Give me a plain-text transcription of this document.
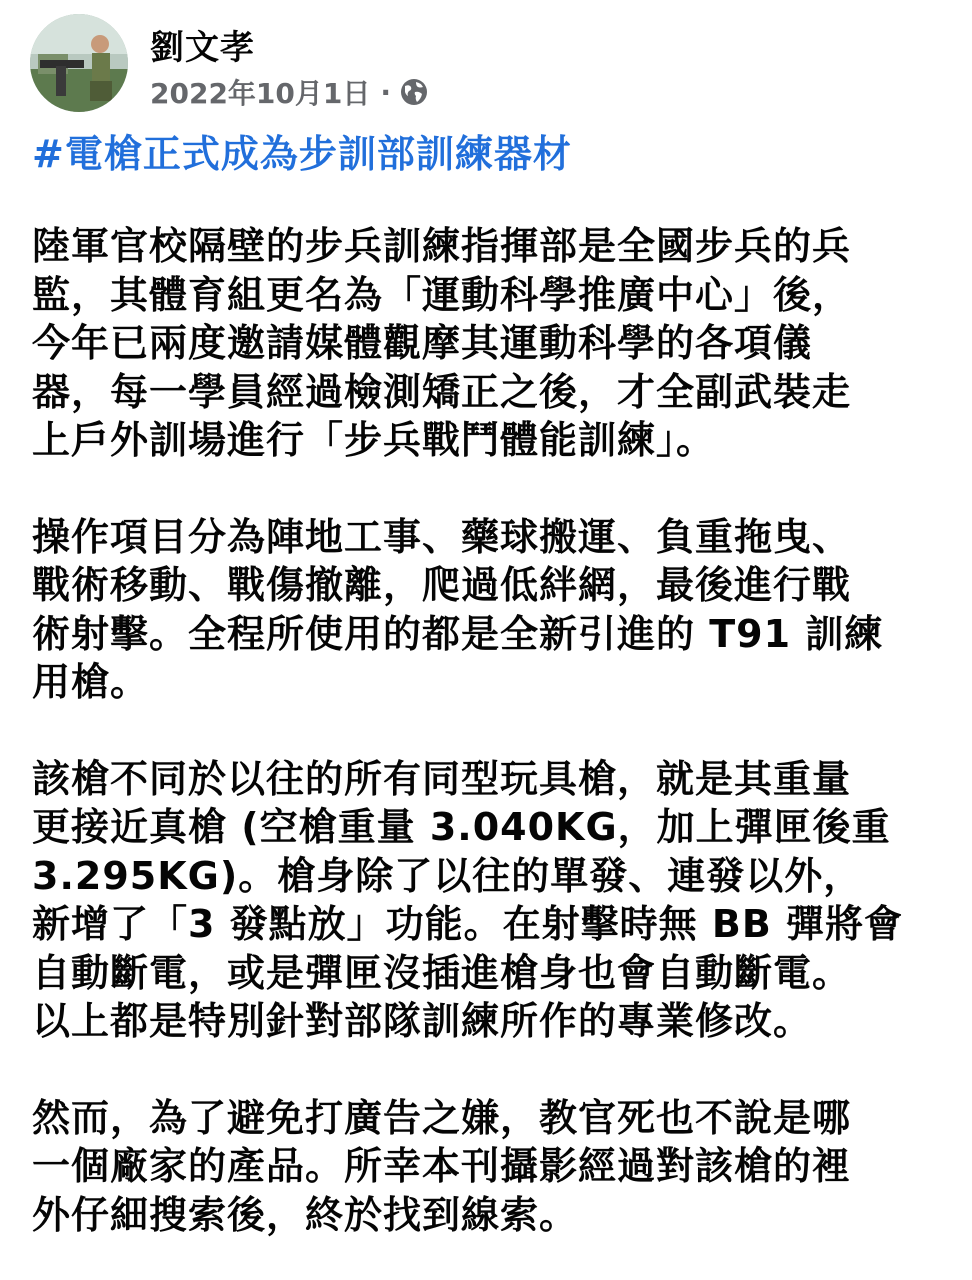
劉文孝
2022年10月1日 ·
#電槍正式成為步訓部訓練器材

陸軍官校隔壁的步兵訓練指揮部是全國步兵的兵
監，其體育組更名為「運動科學推廣中心」後，
今年已兩度邀請媒體觀摩其運動科學的各項儀
器，每一學員經過檢測矯正之後，才全副武裝走
上戶外訓場進行「步兵戰鬥體能訓練」。

操作項目分為陣地工事、藥球搬運、負重拖曳、
戰術移動、戰傷撤離，爬過低絆網，最後進行戰
術射擊。全程所使用的都是全新引進的 T91 訓練
用槍。

該槍不同於以往的所有同型玩具槍，就是其重量
更接近真槍 (空槍重量 3.040KG，加上彈匣後重
3.295KG)。槍身除了以往的單發、連發以外，
新增了「3 發點放」功能。在射擊時無 BB 彈將會
自動斷電，或是彈匣沒插進槍身也會自動斷電。
以上都是特別針對部隊訓練所作的專業修改。

然而，為了避免打廣告之嫌，教官死也不說是哪
一個廠家的產品。所幸本刊攝影經過對該槍的裡
外仔細搜索後，終於找到線索。
